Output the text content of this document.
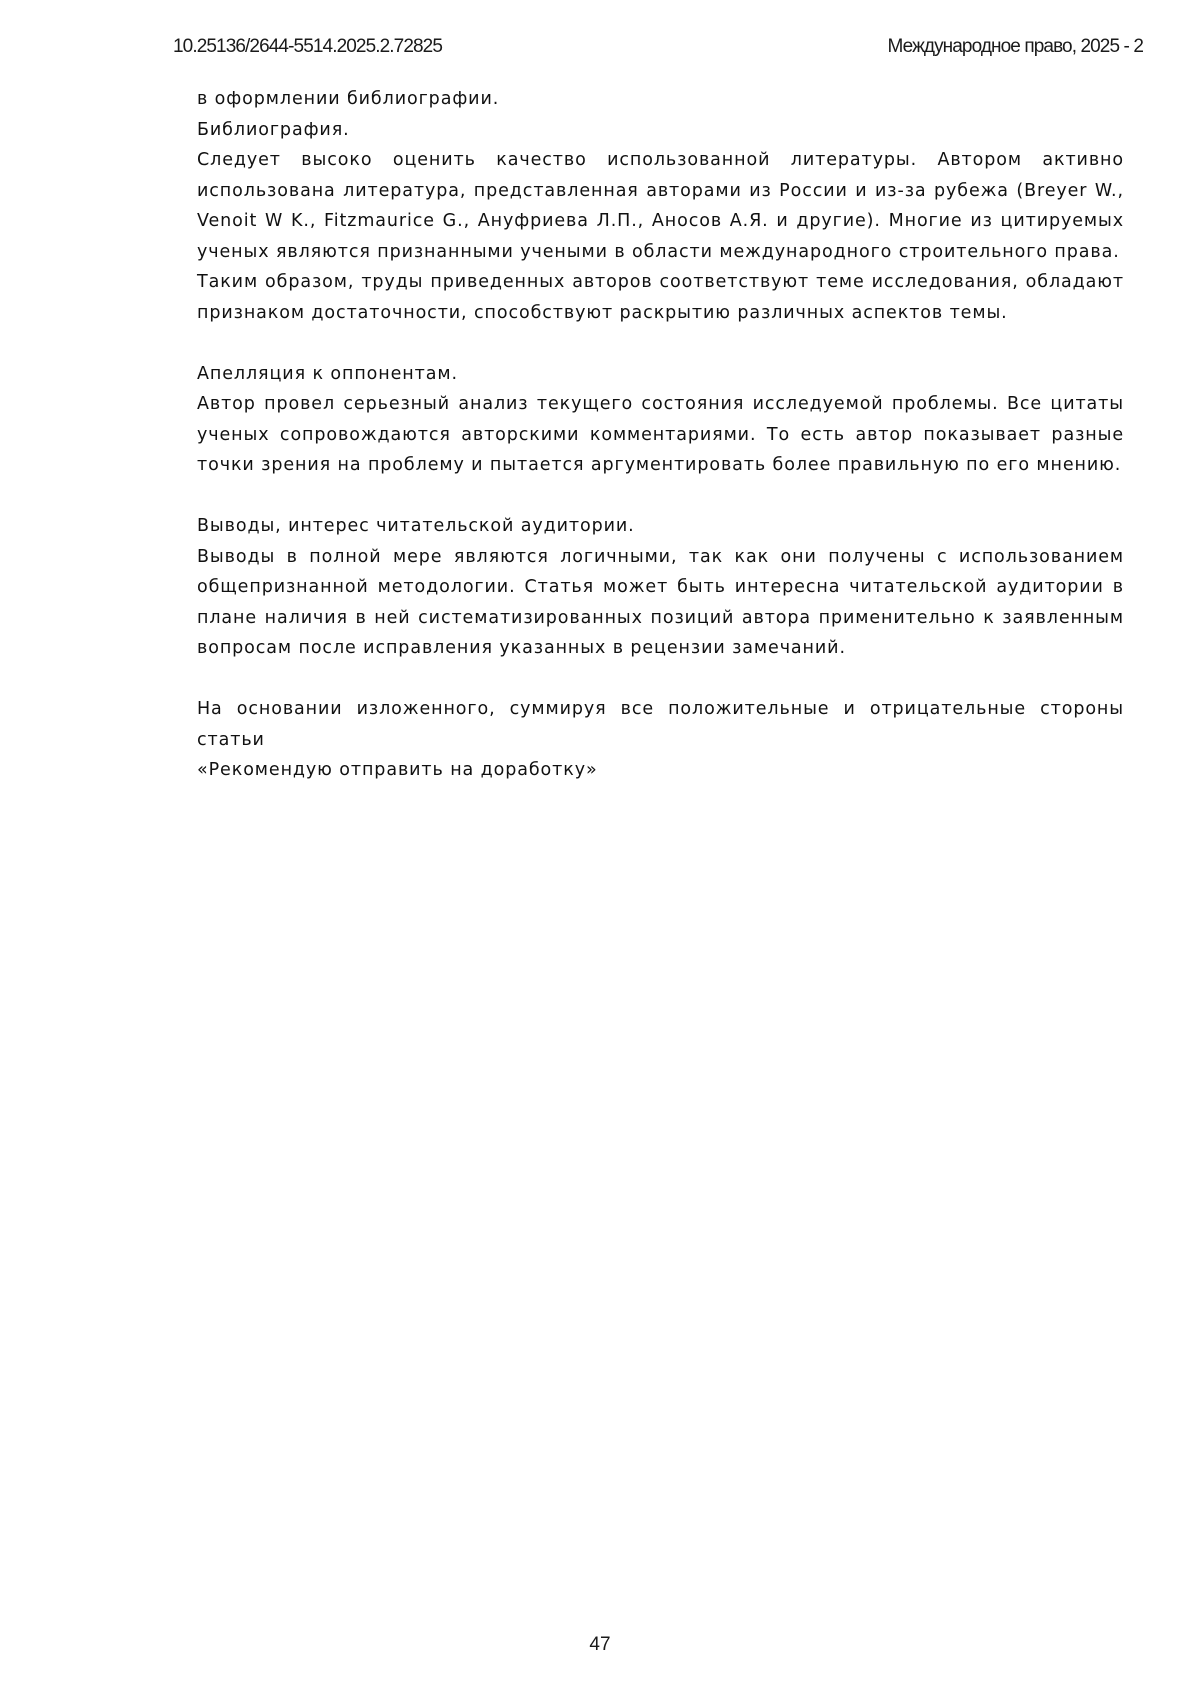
10.25136/2644-5514.2025.2.72825	Международное право, 2025 - 2

в оформлении библиографии.

Библиография.

Следует высоко оценить качество использованной литературы. Автором активно использована литература, представленная авторами из России и из-за рубежа (Breyer W., Venoit W K., Fitzmaurice G., Ануфриева Л.П., Аносов А.Я. и другие). Многие из цитируемых ученых являются признанными учеными в области международного строительного права.

Таким образом, труды приведенных авторов соответствуют теме исследования, обладают признаком достаточности, способствуют раскрытию различных аспектов темы.

Апелляция к оппонентам.

Автор провел серьезный анализ текущего состояния исследуемой проблемы. Все цитаты ученых сопровождаются авторскими комментариями. То есть автор показывает разные точки зрения на проблему и пытается аргументировать более правильную по его мнению.

Выводы, интерес читательской аудитории.

Выводы в полной мере являются логичными, так как они получены с использованием общепризнанной методологии. Статья может быть интересна читательской аудитории в плане наличия в ней систематизированных позиций автора применительно к заявленным вопросам после исправления указанных в рецензии замечаний.

На основании изложенного, суммируя все положительные и отрицательные стороны статьи

«Рекомендую отправить на доработку»

47
